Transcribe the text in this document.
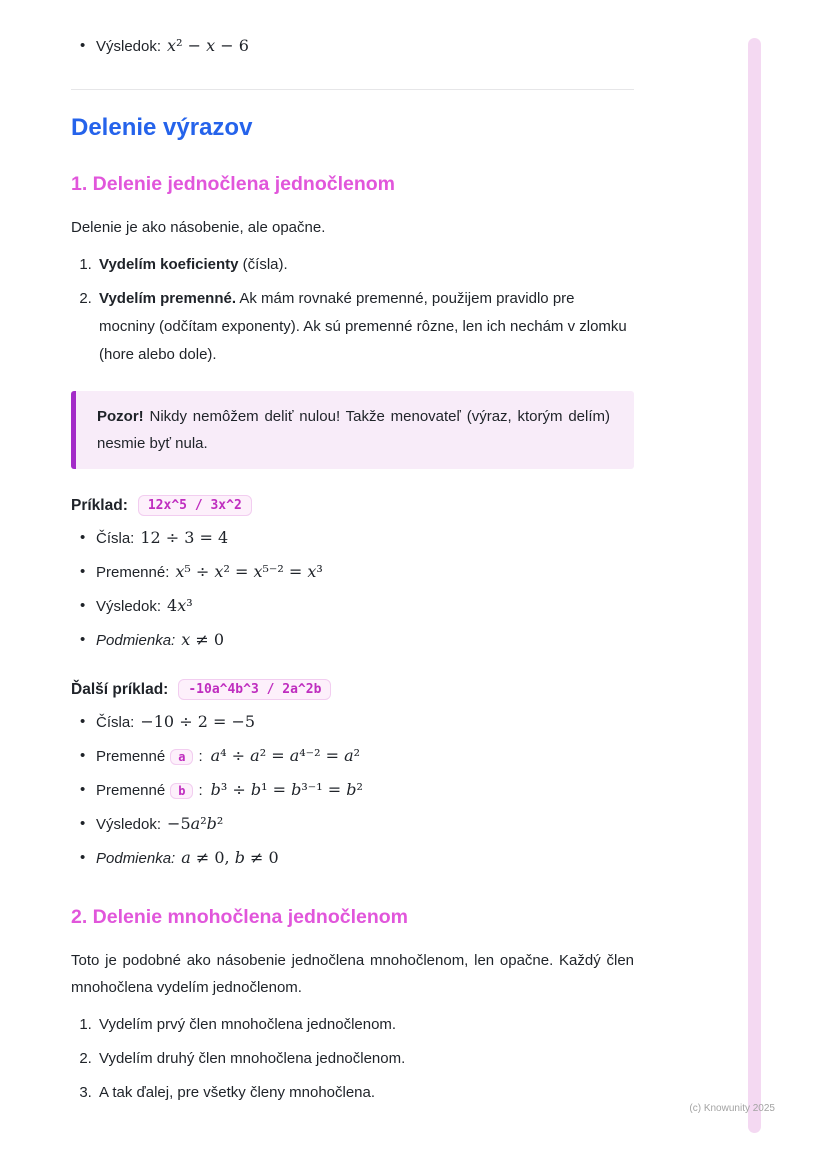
• Výsledok: x² − x − 6
Delenie výrazov
1. Delenie jednočlena jednočlenom

Delenie je ako násobenie, ale opačne.

1. Vydelím koeficienty (čísla).
2. Vydelím premenné. Ak mám rovnaké premenné, použijem pravidlo pre mocniny (odčítam exponenty). Ak sú premenné rôzne, len ich nechám v zlomku (hore alebo dole).

Pozor! Nikdy nemôžem deliť nulou! Takže menovateľ (výraz, ktorým delím) nesmie byť nula.

Príklad:	12x^5 / 3x^2

• Čísla: 12 ÷ 3 = 4
• Premenné: x⁵ ÷ x² = x⁵⁻² = x³
• Výsledok: 4x³
• Podmienka: x ≠ 0

Ďalší príklad:	-10a^4b^3 / 2a^2b

• Čísla: −10 ÷ 2 = −5
• Premenné a : a⁴ ÷ a² = a⁴⁻² = a²
• Premenné b : b³ ÷ b¹ = b³⁻¹ = b²
• Výsledok: −5a²b²
• Podmienka: a ≠ 0, b ≠ 0
2. Delenie mnohočlena jednočlenom

Toto je podobné ako násobenie jednočlena mnohočlenom, len opačne. Každý člen mnohočlena vydelím jednočlenom.

1. Vydelím prvý člen mnohočlena jednočlenom.
2. Vydelím druhý člen mnohočlena jednočlenom.
3. A tak ďalej, pre všetky členy mnohočlena.
(c) Knowunity 2025
